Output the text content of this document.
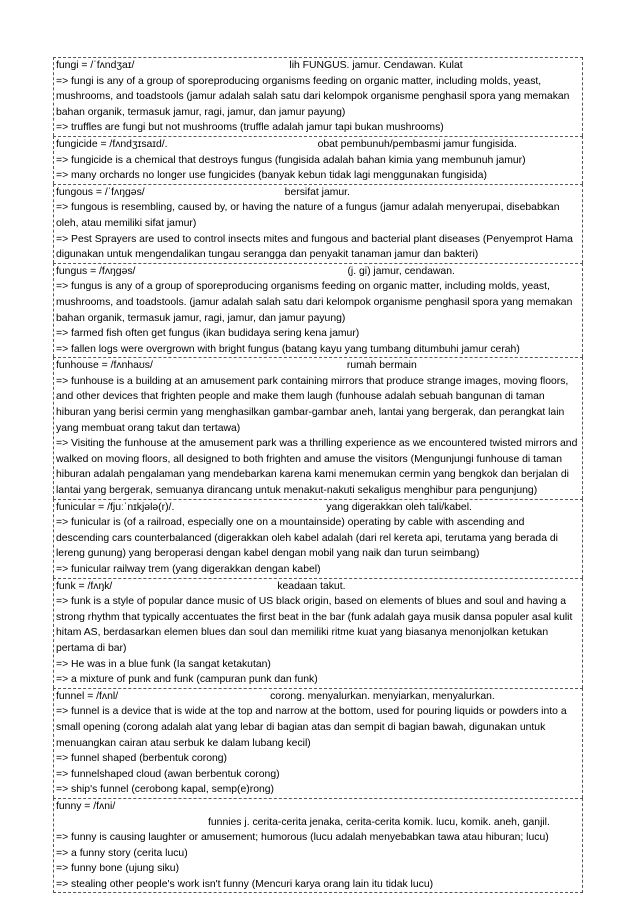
fungi = /ˈfʌndʒaɪ/	lih FUNGUS. jamur. Cendawan. Kulat
=> fungi is any of a group of sporeproducing organisms feeding on organic matter, including molds, yeast, mushrooms, and toadstools (jamur adalah salah satu dari kelompok organisme penghasil spora yang memakan bahan organik, termasuk jamur, ragi, jamur, dan jamur payung)
=> truffles are fungi but not mushrooms (truffle adalah jamur tapi bukan mushrooms)
fungicide = /fʌndʒɪsaɪd/.	obat pembunuh/pembasmi jamur fungisida.
=> fungicide is a chemical that destroys fungus (fungisida adalah bahan kimia yang membunuh jamur)
=> many orchards no longer use fungicides (banyak kebun tidak lagi menggunakan fungisida)
fungous = /ˈfʌŋɡəs/	bersifat jamur.
=> fungous is resembling, caused by, or having the nature of a fungus (jamur adalah menyerupai, disebabkan oleh, atau memiliki sifat jamur)
=> Pest Sprayers are used to control insects mites and fungous and bacterial plant diseases (Penyemprot Hama digunakan untuk mengendalikan tungau serangga dan penyakit tanaman jamur dan bakteri)
fungus = /fʌŋɡəs/	(j. gi) jamur, cendawan.
=> fungus is any of a group of sporeproducing organisms feeding on organic matter, including molds, yeast, mushrooms, and toadstools. (jamur adalah salah satu dari kelompok organisme penghasil spora yang memakan bahan organik, termasuk jamur, ragi, jamur, dan jamur payung)
=> farmed fish often get fungus (ikan budidaya sering kena jamur)
=> fallen logs were overgrown with bright fungus (batang kayu yang tumbang ditumbuhi jamur cerah)
funhouse = /fʌnhaʊs/	rumah bermain
=> funhouse is a building at an amusement park containing mirrors that produce strange images, moving floors, and other devices that frighten people and make them laugh (funhouse adalah sebuah bangunan di taman hiburan yang berisi cermin yang menghasilkan gambar-gambar aneh, lantai yang bergerak, dan perangkat lain yang membuat orang takut dan tertawa)
=> Visiting the funhouse at the amusement park was a thrilling experience as we encountered twisted mirrors and walked on moving floors, all designed to both frighten and amuse the visitors (Mengunjungi funhouse di taman hiburan adalah pengalaman yang mendebarkan karena kami menemukan cermin yang bengkok dan berjalan di lantai yang bergerak, semuanya dirancang untuk menakut-nakuti sekaligus menghibur para pengunjung)
funicular = /fjuːˈnɪkjələ(r)/.	yang digerakkan oleh tali/kabel.
=> funicular is (of a railroad, especially one on a mountainside) operating by cable with ascending and descending cars counterbalanced (digerakkan oleh kabel adalah (dari rel kereta api, terutama yang berada di lereng gunung) yang beroperasi dengan kabel dengan mobil yang naik dan turun seimbang)
=> funicular railway trem (yang digerakkan dengan kabel)
funk = /fʌŋk/	keadaan takut.
=> funk is a style of popular dance music of US black origin, based on elements of blues and soul and having a strong rhythm that typically accentuates the first beat in the bar (funk adalah gaya musik dansa populer asal kulit hitam AS, berdasarkan elemen blues dan soul dan memiliki ritme kuat yang biasanya menonjolkan ketukan pertama di bar)
=> He was in a blue funk (Ia sangat ketakutan)
=> a mixture of punk and funk (campuran punk dan funk)
funnel = /fʌnl/	corong. menyalurkan. menyiarkan, menyalurkan.
=> funnel is a device that is wide at the top and narrow at the bottom, used for pouring liquids or powders into a small opening (corong adalah alat yang lebar di bagian atas dan sempit di bagian bawah, digunakan untuk menuangkan cairan atau serbuk ke dalam lubang kecil)
=> funnel shaped (berbentuk corong)
=> funnelshaped cloud (awan berbentuk corong)
=> ship's funnel (cerobong kapal, semp(e)rong)
funny = /fʌni/
funnies j. cerita-cerita jenaka, cerita-cerita komik. lucu, komik. aneh, ganjil.
=> funny is causing laughter or amusement; humorous (lucu adalah menyebabkan tawa atau hiburan; lucu)
=> a funny story (cerita lucu)
=> funny bone (ujung siku)
=> stealing other people's work isn't funny (Mencuri karya orang lain itu tidak lucu)
